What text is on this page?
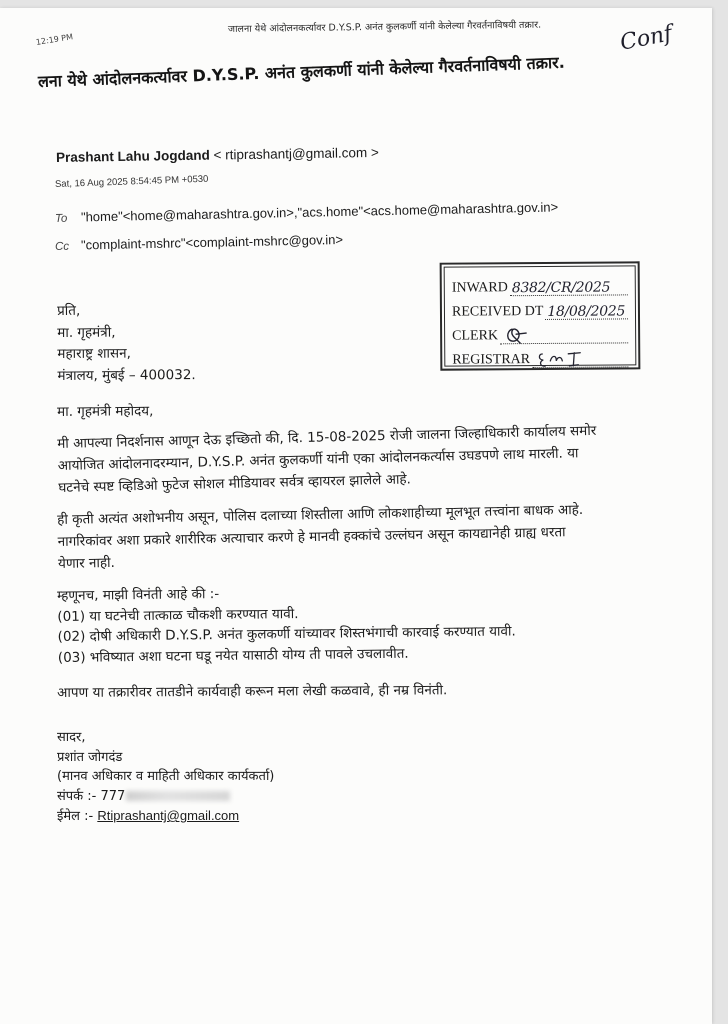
12:19 PM
जालना येथे आंदोलनकर्त्यावर D.Y.S.P. अनंत कुलकर्णी यांनी केलेल्या गैरवर्तनाविषयी तक्रार.	Conf
लना येथे आंदोलनकर्त्यावर D.Y.S.P. अनंत कुलकर्णी यांनी केलेल्या गैरवर्तनाविषयी तक्रार.
Prashant Lahu Jogdand < rtiprashantj@gmail.com >
Sat, 16 Aug 2025 8:54:45 PM +0530
To "home"<home@maharashtra.gov.in>,"acs.home"<acs.home@maharashtra.gov.in>
Cc "complaint-mshrc"<complaint-mshrc@gov.in>
INWARD 8382/CR/2025
RECEIVED DT 18/08/2025
CLERK
REGISTRAR
प्रति,
मा. गृहमंत्री,
महाराष्ट्र शासन,
मंत्रालय, मुंबई – 400032.
मा. गृहमंत्री महोदय,
मी आपल्या निदर्शनास आणून देऊ इच्छितो की, दि. 15-08-2025 रोजी जालना जिल्हाधिकारी कार्यालय समोर
आयोजित आंदोलनादरम्यान, D.Y.S.P. अनंत कुलकर्णी यांनी एका आंदोलनकर्त्यास उघडपणे लाथ मारली. या
घटनेचे स्पष्ट व्हिडिओ फुटेज सोशल मीडियावर सर्वत्र व्हायरल झालेले आहे.
ही कृती अत्यंत अशोभनीय असून, पोलिस दलाच्या शिस्तीला आणि लोकशाहीच्या मूलभूत तत्त्वांना बाधक आहे.
नागरिकांवर अशा प्रकारे शारीरिक अत्याचार करणे हे मानवी हक्कांचे उल्लंघन असून कायद्यानेही ग्राह्य धरता
येणार नाही.
म्हणूनच, माझी विनंती आहे की :-
(01) या घटनेची तात्काळ चौकशी करण्यात यावी.
(02) दोषी अधिकारी D.Y.S.P. अनंत कुलकर्णी यांच्यावर शिस्तभंगाची कारवाई करण्यात यावी.
(03) भविष्यात अशा घटना घडू नयेत यासाठी योग्य ती पावले उचलावीत.
आपण या तक्रारीवर तातडीने कार्यवाही करून मला लेखी कळवावे, ही नम्र विनंती.
सादर,
प्रशांत जोगदंड
(मानव अधिकार व माहिती अधिकार कार्यकर्ता)
संपर्क :- 777
ईमेल :- Rtiprashantj@gmail.com
